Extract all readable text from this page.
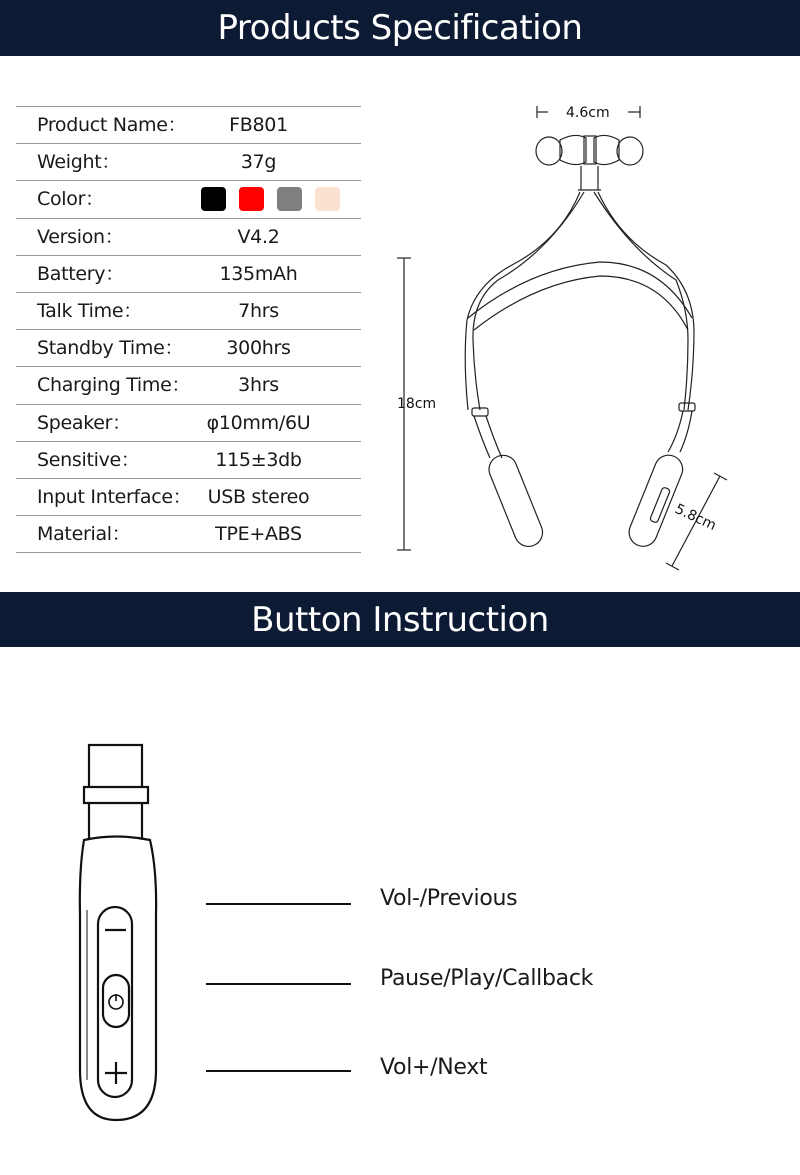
Products Specification
Product Name：	FB801
Weight：	37g
Color：
Version：	V4.2
Battery：	135mAh
Talk Time：	7hrs
Standby Time：	300hrs
Charging Time：	3hrs
Speaker：	φ10mm/6U
Sensitive：	115±3db
Input Interface： USB stereo
Material：	TPE+ABS
4.6cm
18cm
5.8cm
Button Instruction
Vol-/Previous
Pause/Play/Callback
Vol+/Next
